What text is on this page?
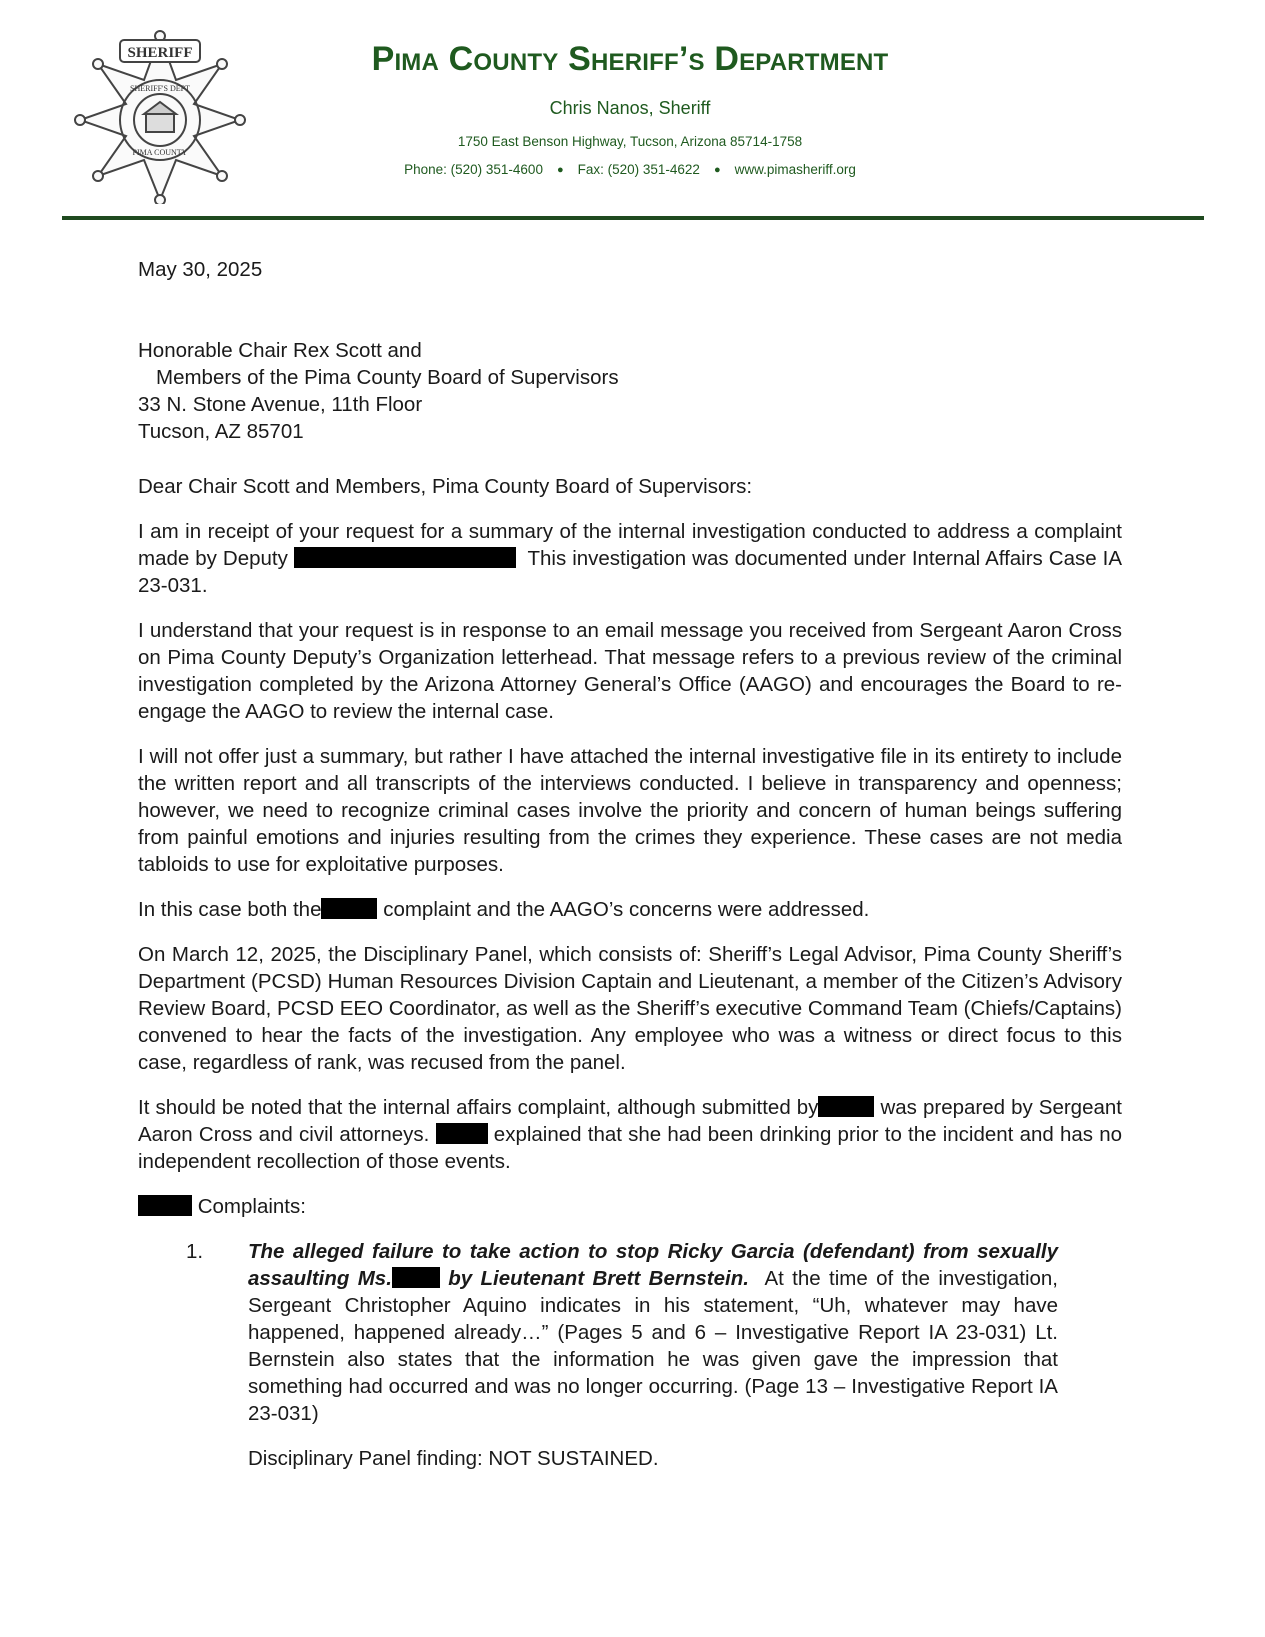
SHERIFF
SHERIFF'S DEPT
PIMA COUNTY
Pima County Sheriff’s Department
Chris Nanos, Sheriff
1750 East Benson Highway, Tucson, Arizona 85714-1758
Phone: (520) 351-4600 ● Fax: (520) 351-4622 ● www.pimasheriff.org
May 30, 2025
Honorable Chair Rex Scott and
Members of the Pima County Board of Supervisors
33 N. Stone Avenue, 11th Floor
Tucson, AZ 85701
Dear Chair Scott and Members, Pima County Board of Supervisors:

I am in receipt of your request for a summary of the internal investigation conducted to address a complaint made by Deputy	This investigation was documented under Internal Affairs Case IA 23-031.

I understand that your request is in response to an email message you received from Sergeant Aaron Cross on Pima County Deputy’s Organization letterhead. That message refers to a previous review of the criminal investigation completed by the Arizona Attorney General’s Office (AAGO) and encourages the Board to re-engage the AAGO to review the internal case.

I will not offer just a summary, but rather I have attached the internal investigative file in its entirety to include the written report and all transcripts of the interviews conducted. I believe in transparency and openness; however, we need to recognize criminal cases involve the priority and concern of human beings suffering from painful emotions and injuries resulting from the crimes they experience. These cases are not media tabloids to use for exploitative purposes.

In this case both the	complaint and the AAGO’s concerns were addressed.

On March 12, 2025, the Disciplinary Panel, which consists of: Sheriff’s Legal Advisor, Pima County Sheriff’s Department (PCSD) Human Resources Division Captain and Lieutenant, a member of the Citizen’s Advisory Review Board, PCSD EEO Coordinator, as well as the Sheriff’s executive Command Team (Chiefs/Captains) convened to hear the facts of the investigation. Any employee who was a witness or direct focus to this case, regardless of rank, was recused from the panel.

It should be noted that the internal affairs complaint, although submitted by	was prepared by Sergeant Aaron Cross and civil attorneys.	explained that she had been drinking prior to the incident and has no independent recollection of those events.

Complaints:
1. The alleged failure to take action to stop Ricky Garcia (defendant) from sexually assaulting Ms.	by Lieutenant Brett Bernstein. At the time of the investigation, Sergeant Christopher Aquino indicates in his statement, “Uh, whatever may have happened, happened already…” (Pages 5 and 6 – Investigative Report IA 23-031) Lt. Bernstein also states that the information he was given gave the impression that something had occurred and was no longer occurring. (Page 13 – Investigative Report IA 23-031)

Disciplinary Panel finding: NOT SUSTAINED.
